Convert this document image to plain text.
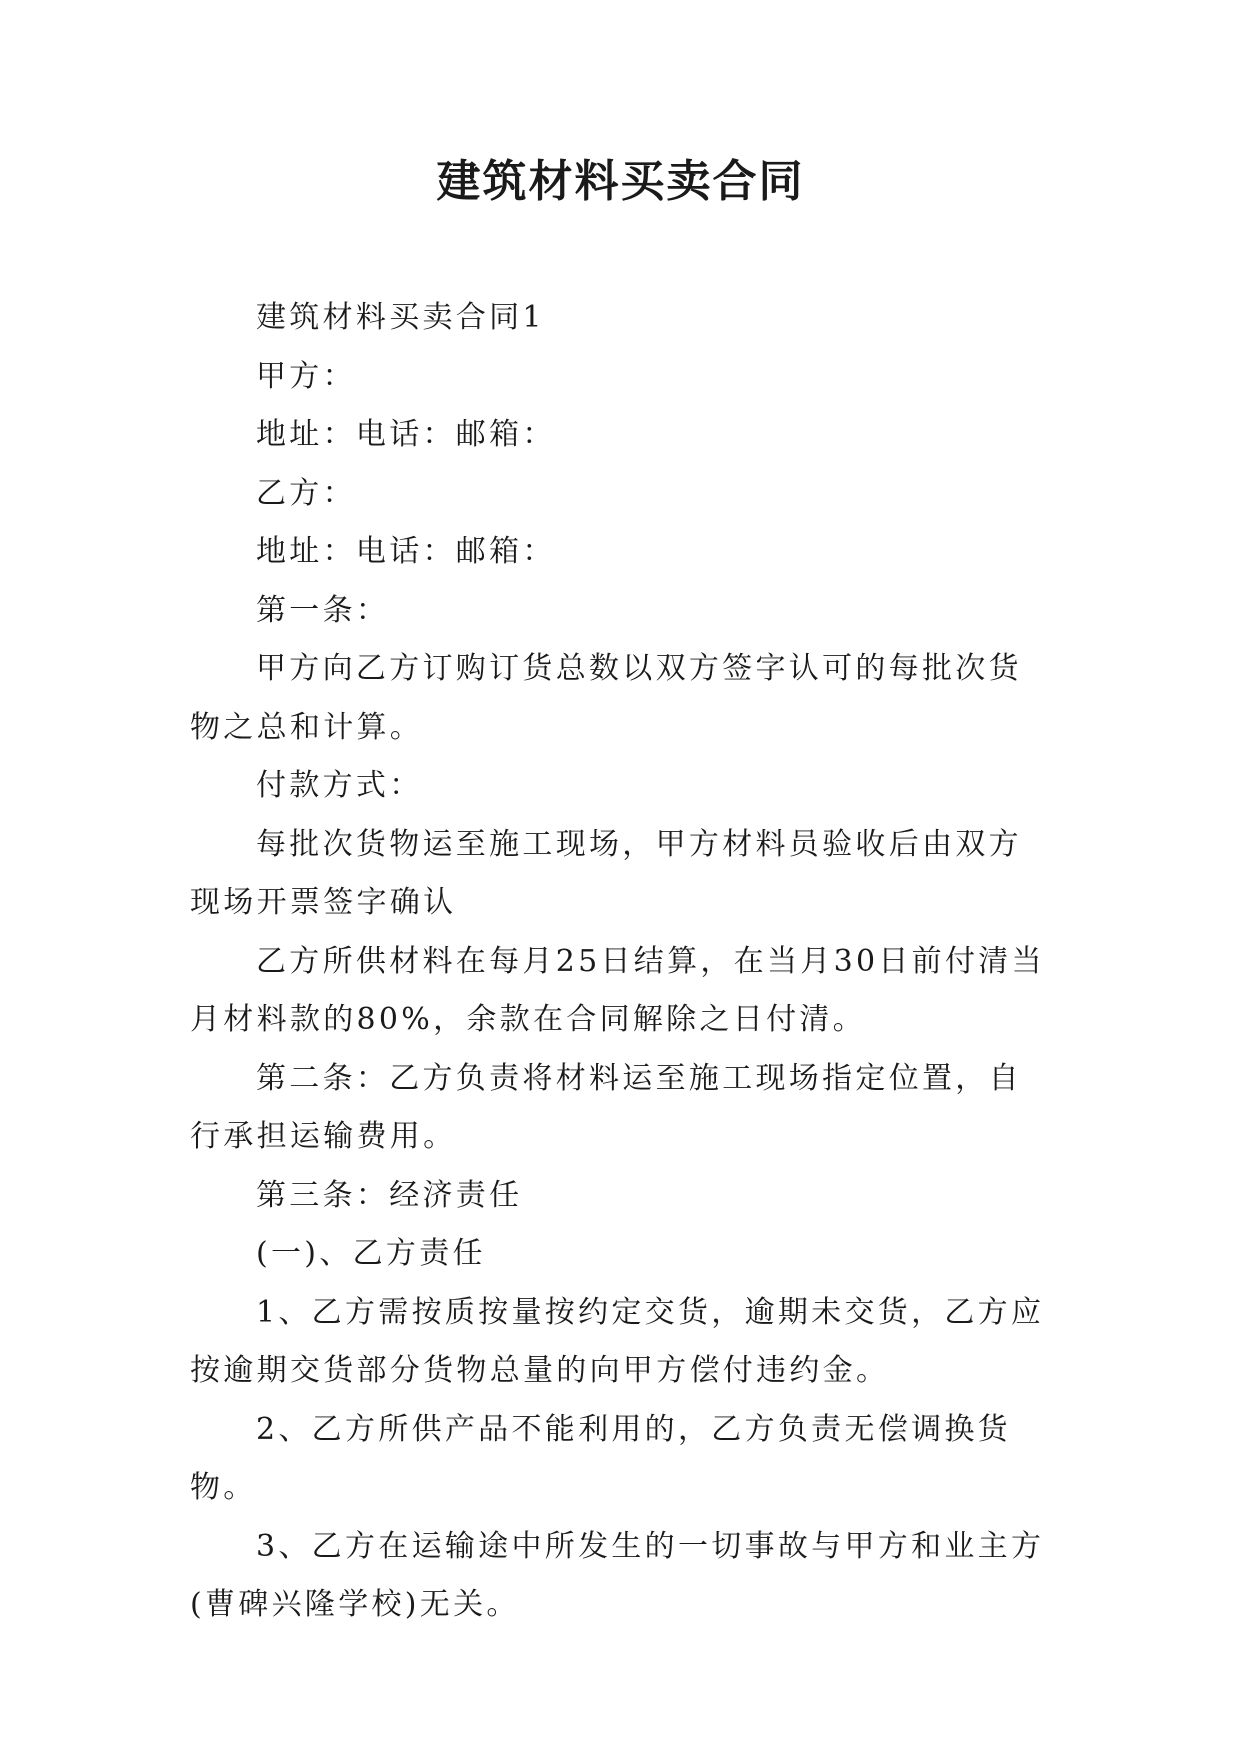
建筑材料买卖合同

建筑材料买卖合同1

甲方：

地址：电话：邮箱：

乙方：

地址：电话：邮箱：

第一条：

甲方向乙方订购订货总数以双方签字认可的每批次货物之总和计算。

付款方式：

每批次货物运至施工现场，甲方材料员验收后由双方现场开票签字确认

乙方所供材料在每月25日结算，在当月30日前付清当月材料款的80%，余款在合同解除之日付清。

第二条：乙方负责将材料运至施工现场指定位置，自行承担运输费用。

第三条：经济责任

(一)、乙方责任

1、乙方需按质按量按约定交货，逾期未交货，乙方应按逾期交货部分货物总量的向甲方偿付违约金。

2、乙方所供产品不能利用的，乙方负责无偿调换货物。

3、乙方在运输途中所发生的一切事故与甲方和业主方(曹碑兴隆学校)无关。
